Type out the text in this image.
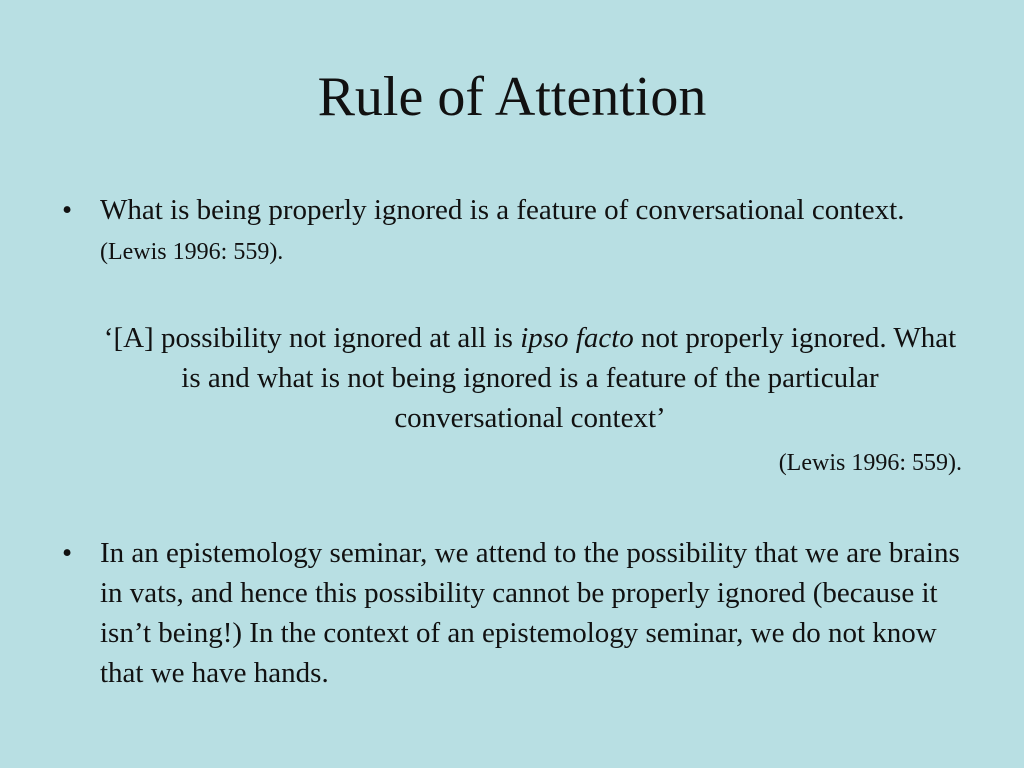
Rule of Attention
• What is being properly ignored is a feature of conversational context. (Lewis 1996: 559).
‘[A] possibility not ignored at all is ipso facto not properly ignored. What is and what is not being ignored is a feature of the particular conversational context’
(Lewis 1996: 559).
• In an epistemology seminar, we attend to the possibility that we are brains in vats, and hence this possibility cannot be properly ignored (because it isn’t being!) In the context of an epistemology seminar, we do not know that we have hands.
